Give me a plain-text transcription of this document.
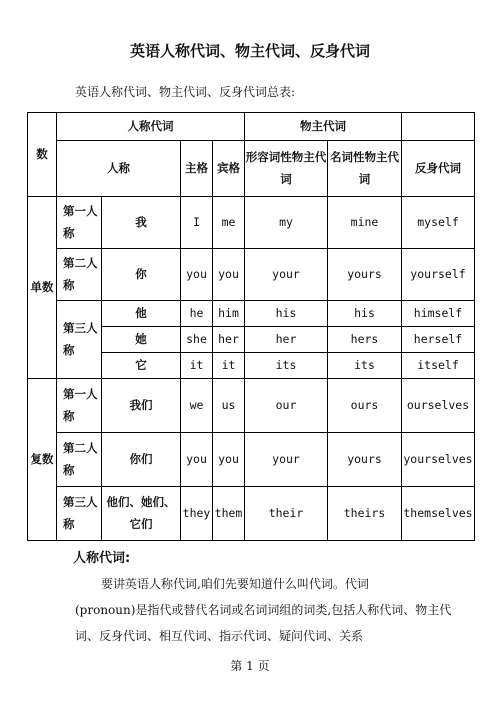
英语人称代词、物主代词、反身代词
英语人称代词、物主代词、反身代词总表:
数	人称代词				物主代词		
	人称		主格	宾格	形容词性物主代词	名词性物主代词	反身代词

单数	第一人称	我	I	me	my	mine	myself
	第二人称	你	you	you	your	yours	yourself
	第三人称	他	he	him	his	his	himself
		她	she	her	her	hers	herself
		它	it	it	its	its	itself
复数	第一人称	我们	we	us	our	ours	ourselves
	第二人称	你们	you	you	your	yours	yourselves
	第三人称	他们、她们、它们	they	them	their	theirs	themselves
人称代词:
要讲英语人称代词,咱们先要知道什么叫代词。代词
(pronoun)是指代或替代名词或名词词组的词类,包括人称代词、物主代词、反身代词、相互代词、指示代词、疑问代词、关系
第 1 页
